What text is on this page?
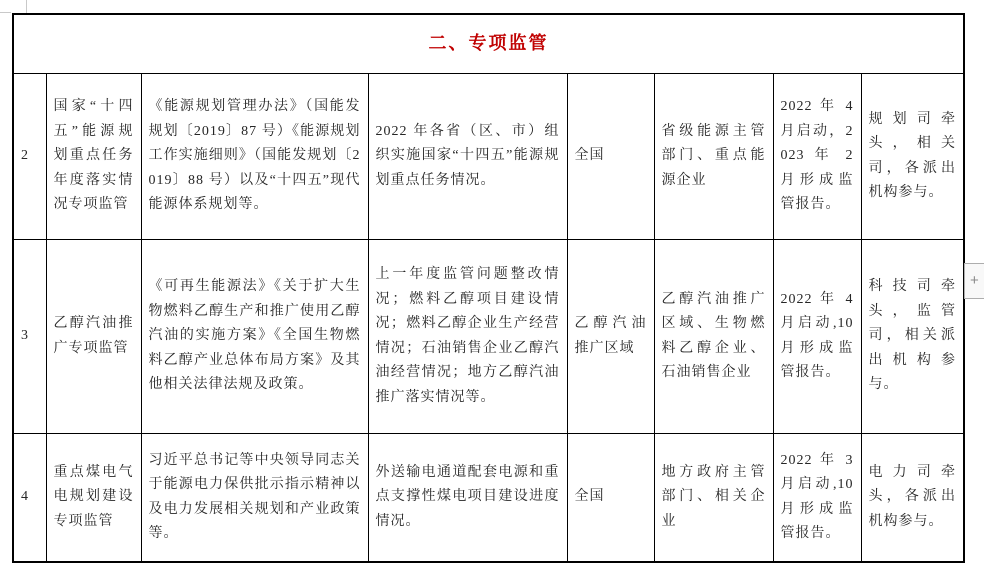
二、专项监管							
2	国家“十四五”能源规划重点任务年度落实情况专项监管	《能源规划管理办法》（国能发规划〔2019〕87 号）《能源规划工作实施细则》（国能发规划〔2019〕88 号）以及“十四五”现代能源体系规划等。	2022 年各省（区、市）组织实施国家“十四五”能源规划重点任务情况。	全国	省级能源主管部门、重点能源企业	2022 年 4 月启动，2023 年 2 月形成监管报告。	规划司牵头，相关司，各派出机构参与。
3	乙醇汽油推广专项监管	《可再生能源法》《关于扩大生物燃料乙醇生产和推广使用乙醇汽油的实施方案》《全国生物燃料乙醇产业总体布局方案》及其他相关法律法规及政策。	上一年度监管问题整改情况；燃料乙醇项目建设情况；燃料乙醇企业生产经营情况；石油销售企业乙醇汽油经营情况；地方乙醇汽油推广落实情况等。	乙醇汽油推广区域	乙醇汽油推广区域、生物燃料乙醇企业、石油销售企业	2022 年 4 月启动,10 月形成监管报告。	科技司牵头，监管司，相关派出机构参与。
4	重点煤电气电规划建设专项监管	习近平总书记等中央领导同志关于能源电力保供批示指示精神以及电力发展相关规划和产业政策等。	外送输电通道配套电源和重点支撑性煤电项目建设进度情况。	全国	地方政府主管部门、相关企业	2022 年 3 月启动,10 月形成监管报告。	电力司牵头，各派出机构参与。
+
